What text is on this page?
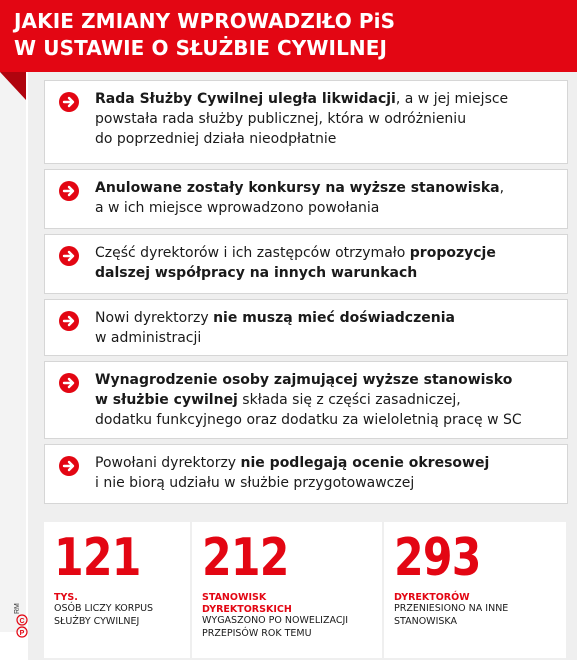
JAKIE ZMIANY WPROWADZIŁO PiS
W USTAWIE O SŁUŻBIE CYWILNEJ
Rada Służby Cywilnej uległa likwidacji, a w jej miejsce
powstała rada służby publicznej, która w odróżnieniu
do poprzedniej działa nieodpłatnie
Anulowane zostały konkursy na wyższe stanowiska,
a w ich miejsce wprowadzono powołania
Część dyrektorów i ich zastępców otrzymało propozycje
dalszej współpracy na innych warunkach
Nowi dyrektorzy nie muszą mieć doświadczenia
w administracji
Wynagrodzenie osoby zajmującej wyższe stanowisko
w służbie cywilnej składa się z części zasadniczej,
dodatku funkcyjnego oraz dodatku za wieloletnią pracę w SC
Powołani dyrektorzy nie podlegają ocenie okresowej
i nie biorą udziału w służbie przygotowawczej
121
TYS.
OSÓB LICZY KORPUS
SŁUŻBY CYWILNEJ
212
STANOWISK
DYREKTORSKICH
WYGASZONO PO NOWELIZACJI
PRZEPISÓW ROK TEMU
293
DYREKTORÓW
PRZENIESIONO NA INNE
STANOWISKA
P
C
RM
